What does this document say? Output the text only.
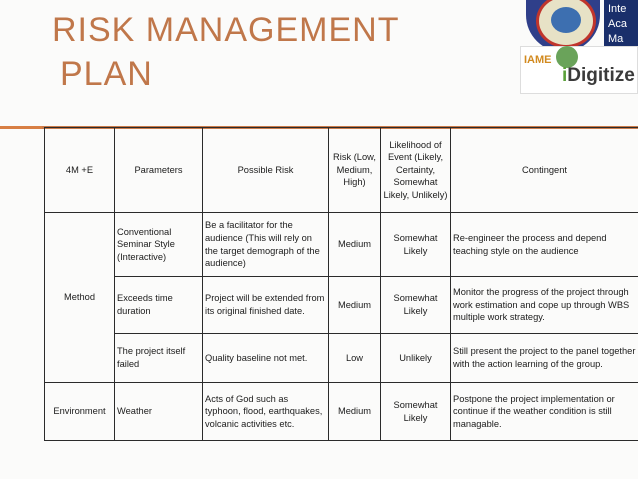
RISK MANAGEMENT
PLAN
Inte
Aca
Ma
IAME
iDigitize
4M +E	Parameters	Possible Risk	Risk (Low, Medium, High)	Likelihood of Event (Likely, Certainty, Somewhat Likely, Unlikely)	Contingent
Method	Conventional Seminar Style (Interactive)	Be a facilitator for the audience (This will rely on the target demograph of the audience)	Medium	Somewhat Likely	Re-engineer the process and depend teaching style on the audience
	Exceeds time duration	Project will be extended from its original finished date.	Medium	Somewhat Likely	Monitor the progress of the project through work estimation and cope up through WBS multiple work strategy.
	The project itself failed	Quality baseline not met.	Low	Unlikely	Still present the project to the panel together with the action learning of the group.
Environment	Weather	Acts of God such as typhoon, flood, earthquakes, volcanic activities etc.	Medium	Somewhat Likely	Postpone the project implementation or continue if the weather condition is still managable.
